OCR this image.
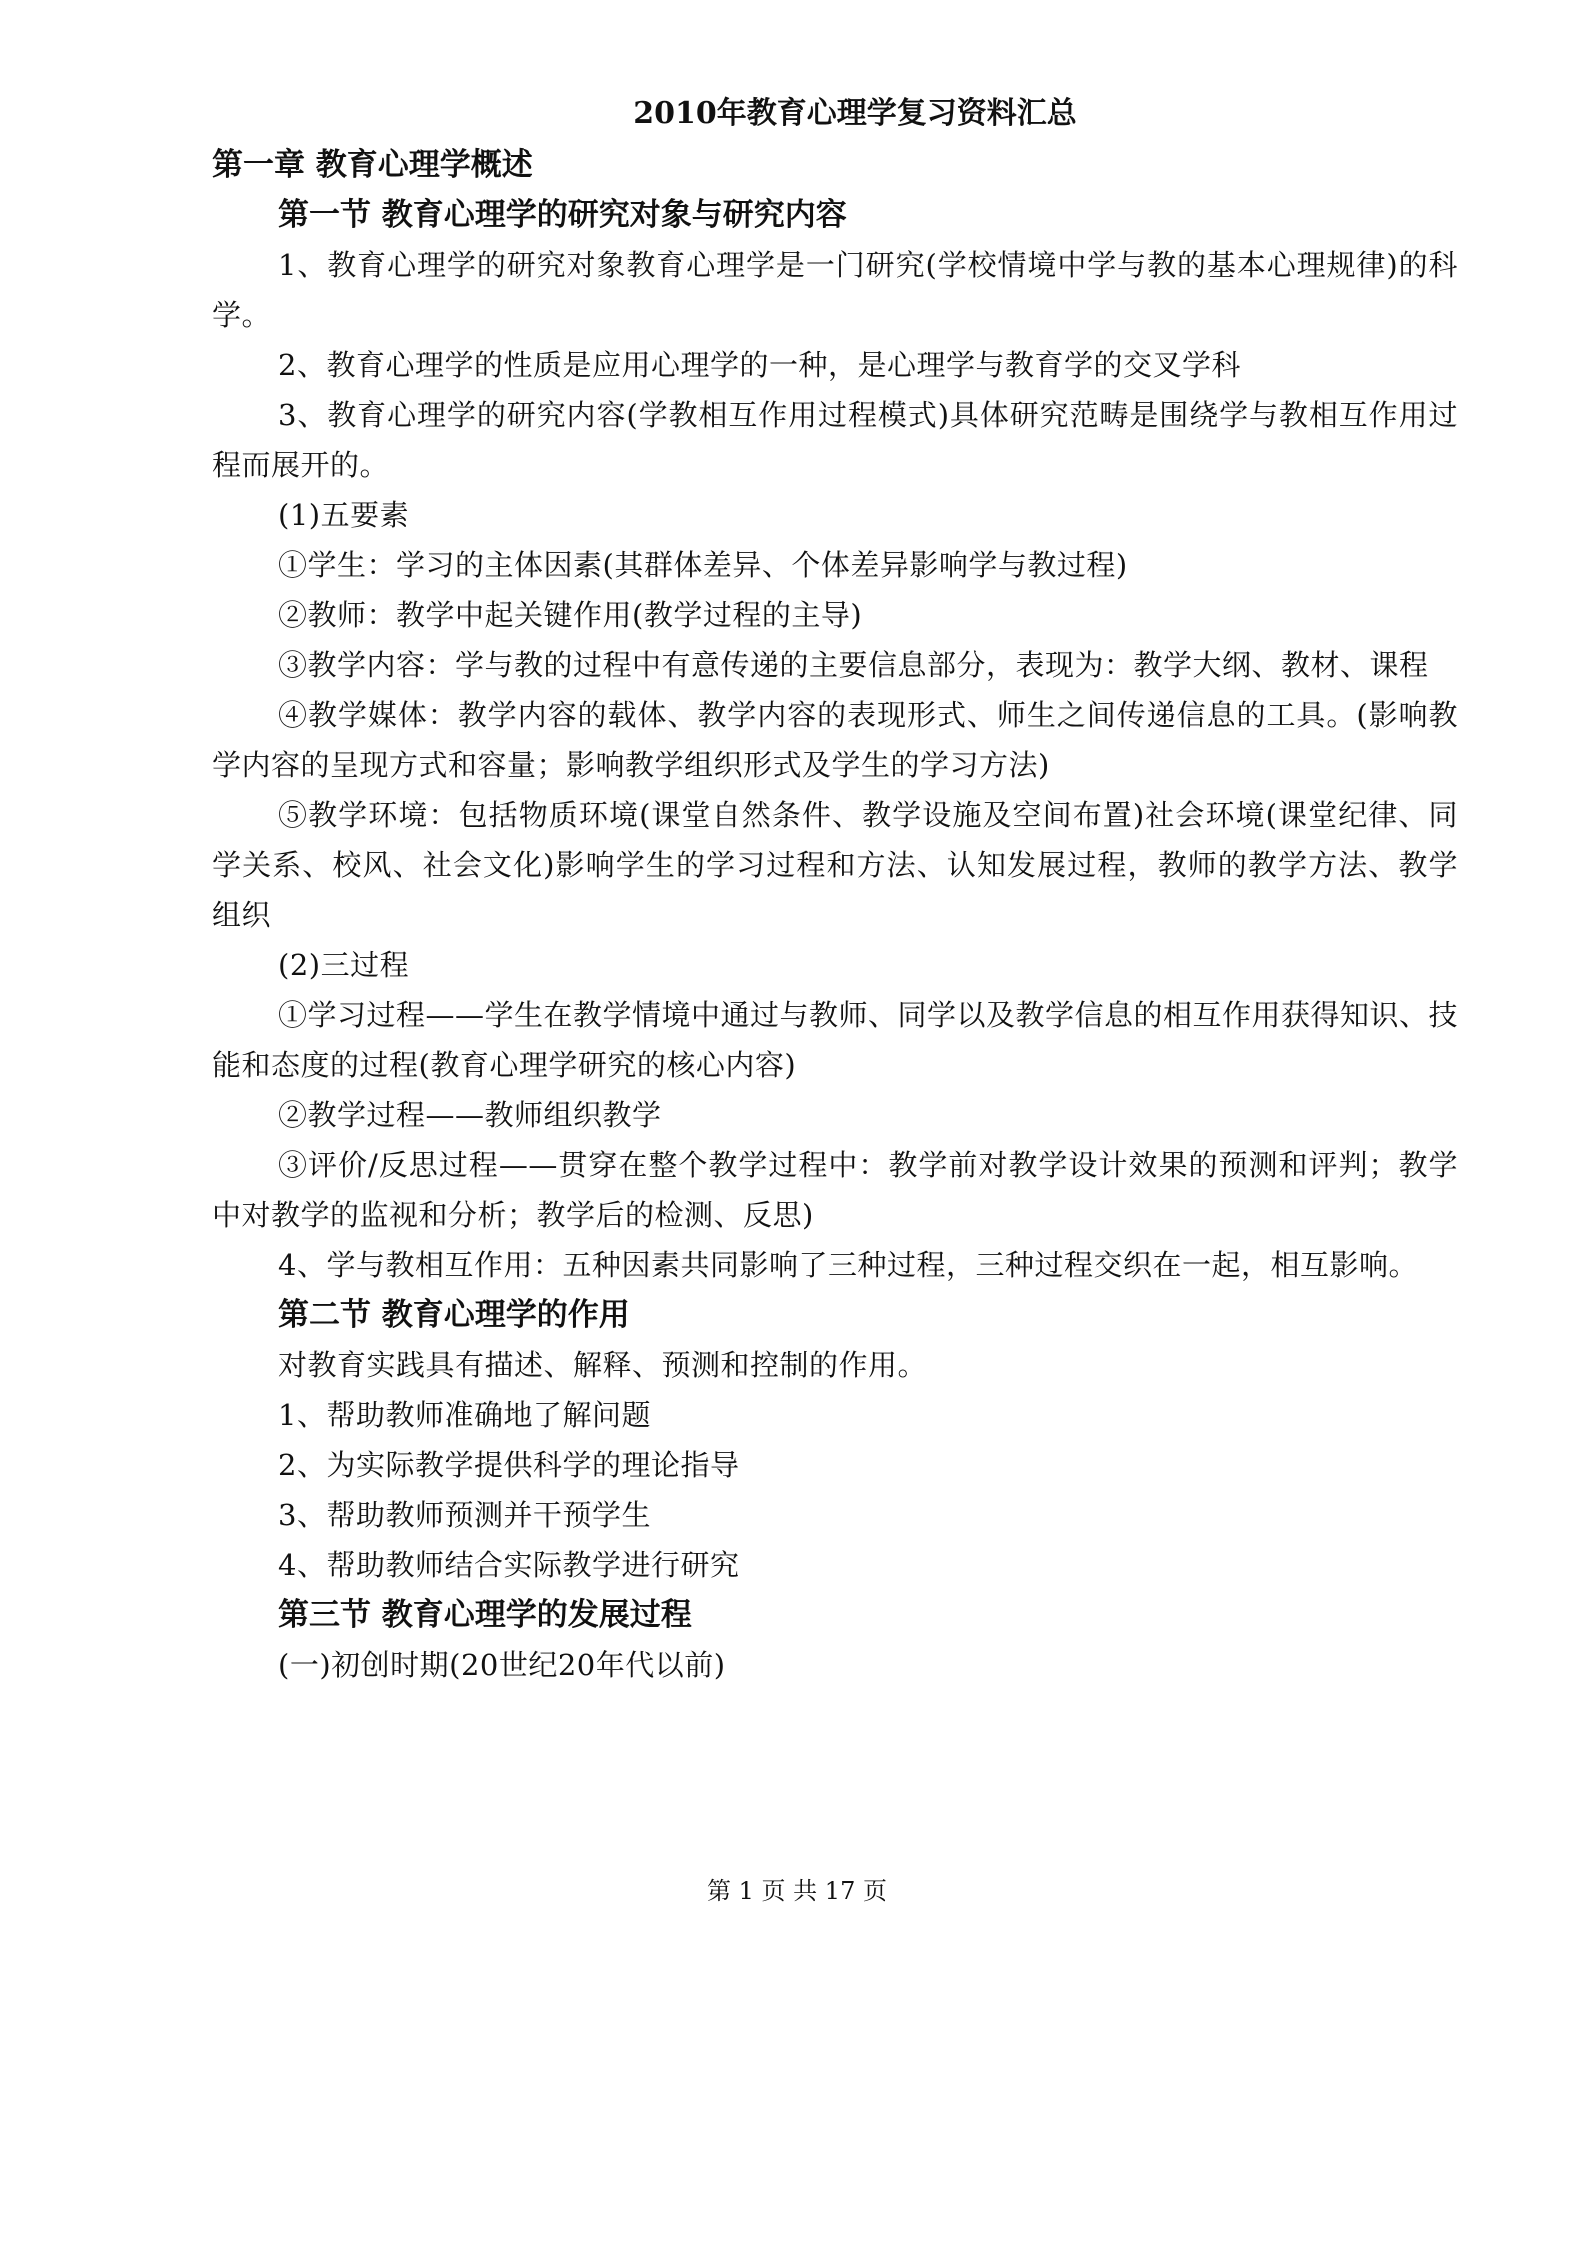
2010年教育心理学复习资料汇总
第一章 教育心理学概述
第一节 教育心理学的研究对象与研究内容

1、教育心理学的研究对象教育心理学是一门研究(学校情境中学与教的基本心理规律)的科学。

2、教育心理学的性质是应用心理学的一种，是心理学与教育学的交叉学科

3、教育心理学的研究内容(学教相互作用过程模式)具体研究范畴是围绕学与教相互作用过程而展开的。

(1)五要素

①学生：学习的主体因素(其群体差异、个体差异影响学与教过程)

②教师：教学中起关键作用(教学过程的主导)

③教学内容：学与教的过程中有意传递的主要信息部分，表现为：教学大纲、教材、课程

④教学媒体：教学内容的载体、教学内容的表现形式、师生之间传递信息的工具。(影响教学内容的呈现方式和容量；影响教学组织形式及学生的学习方法)

⑤教学环境：包括物质环境(课堂自然条件、教学设施及空间布置)社会环境(课堂纪律、同学关系、校风、社会文化)影响学生的学习过程和方法、认知发展过程，教师的教学方法、教学组织

(2)三过程

①学习过程——学生在教学情境中通过与教师、同学以及教学信息的相互作用获得知识、技能和态度的过程(教育心理学研究的核心内容)

②教学过程——教师组织教学

③评价/反思过程——贯穿在整个教学过程中：教学前对教学设计效果的预测和评判；教学中对教学的监视和分析；教学后的检测、反思)

4、学与教相互作用：五种因素共同影响了三种过程，三种过程交织在一起，相互影响。

第二节 教育心理学的作用

对教育实践具有描述、解释、预测和控制的作用。

1、帮助教师准确地了解问题

2、为实际教学提供科学的理论指导

3、帮助教师预测并干预学生

4、帮助教师结合实际教学进行研究

第三节 教育心理学的发展过程

(一)初创时期(20世纪20年代以前)

第 1 页 共 17 页
